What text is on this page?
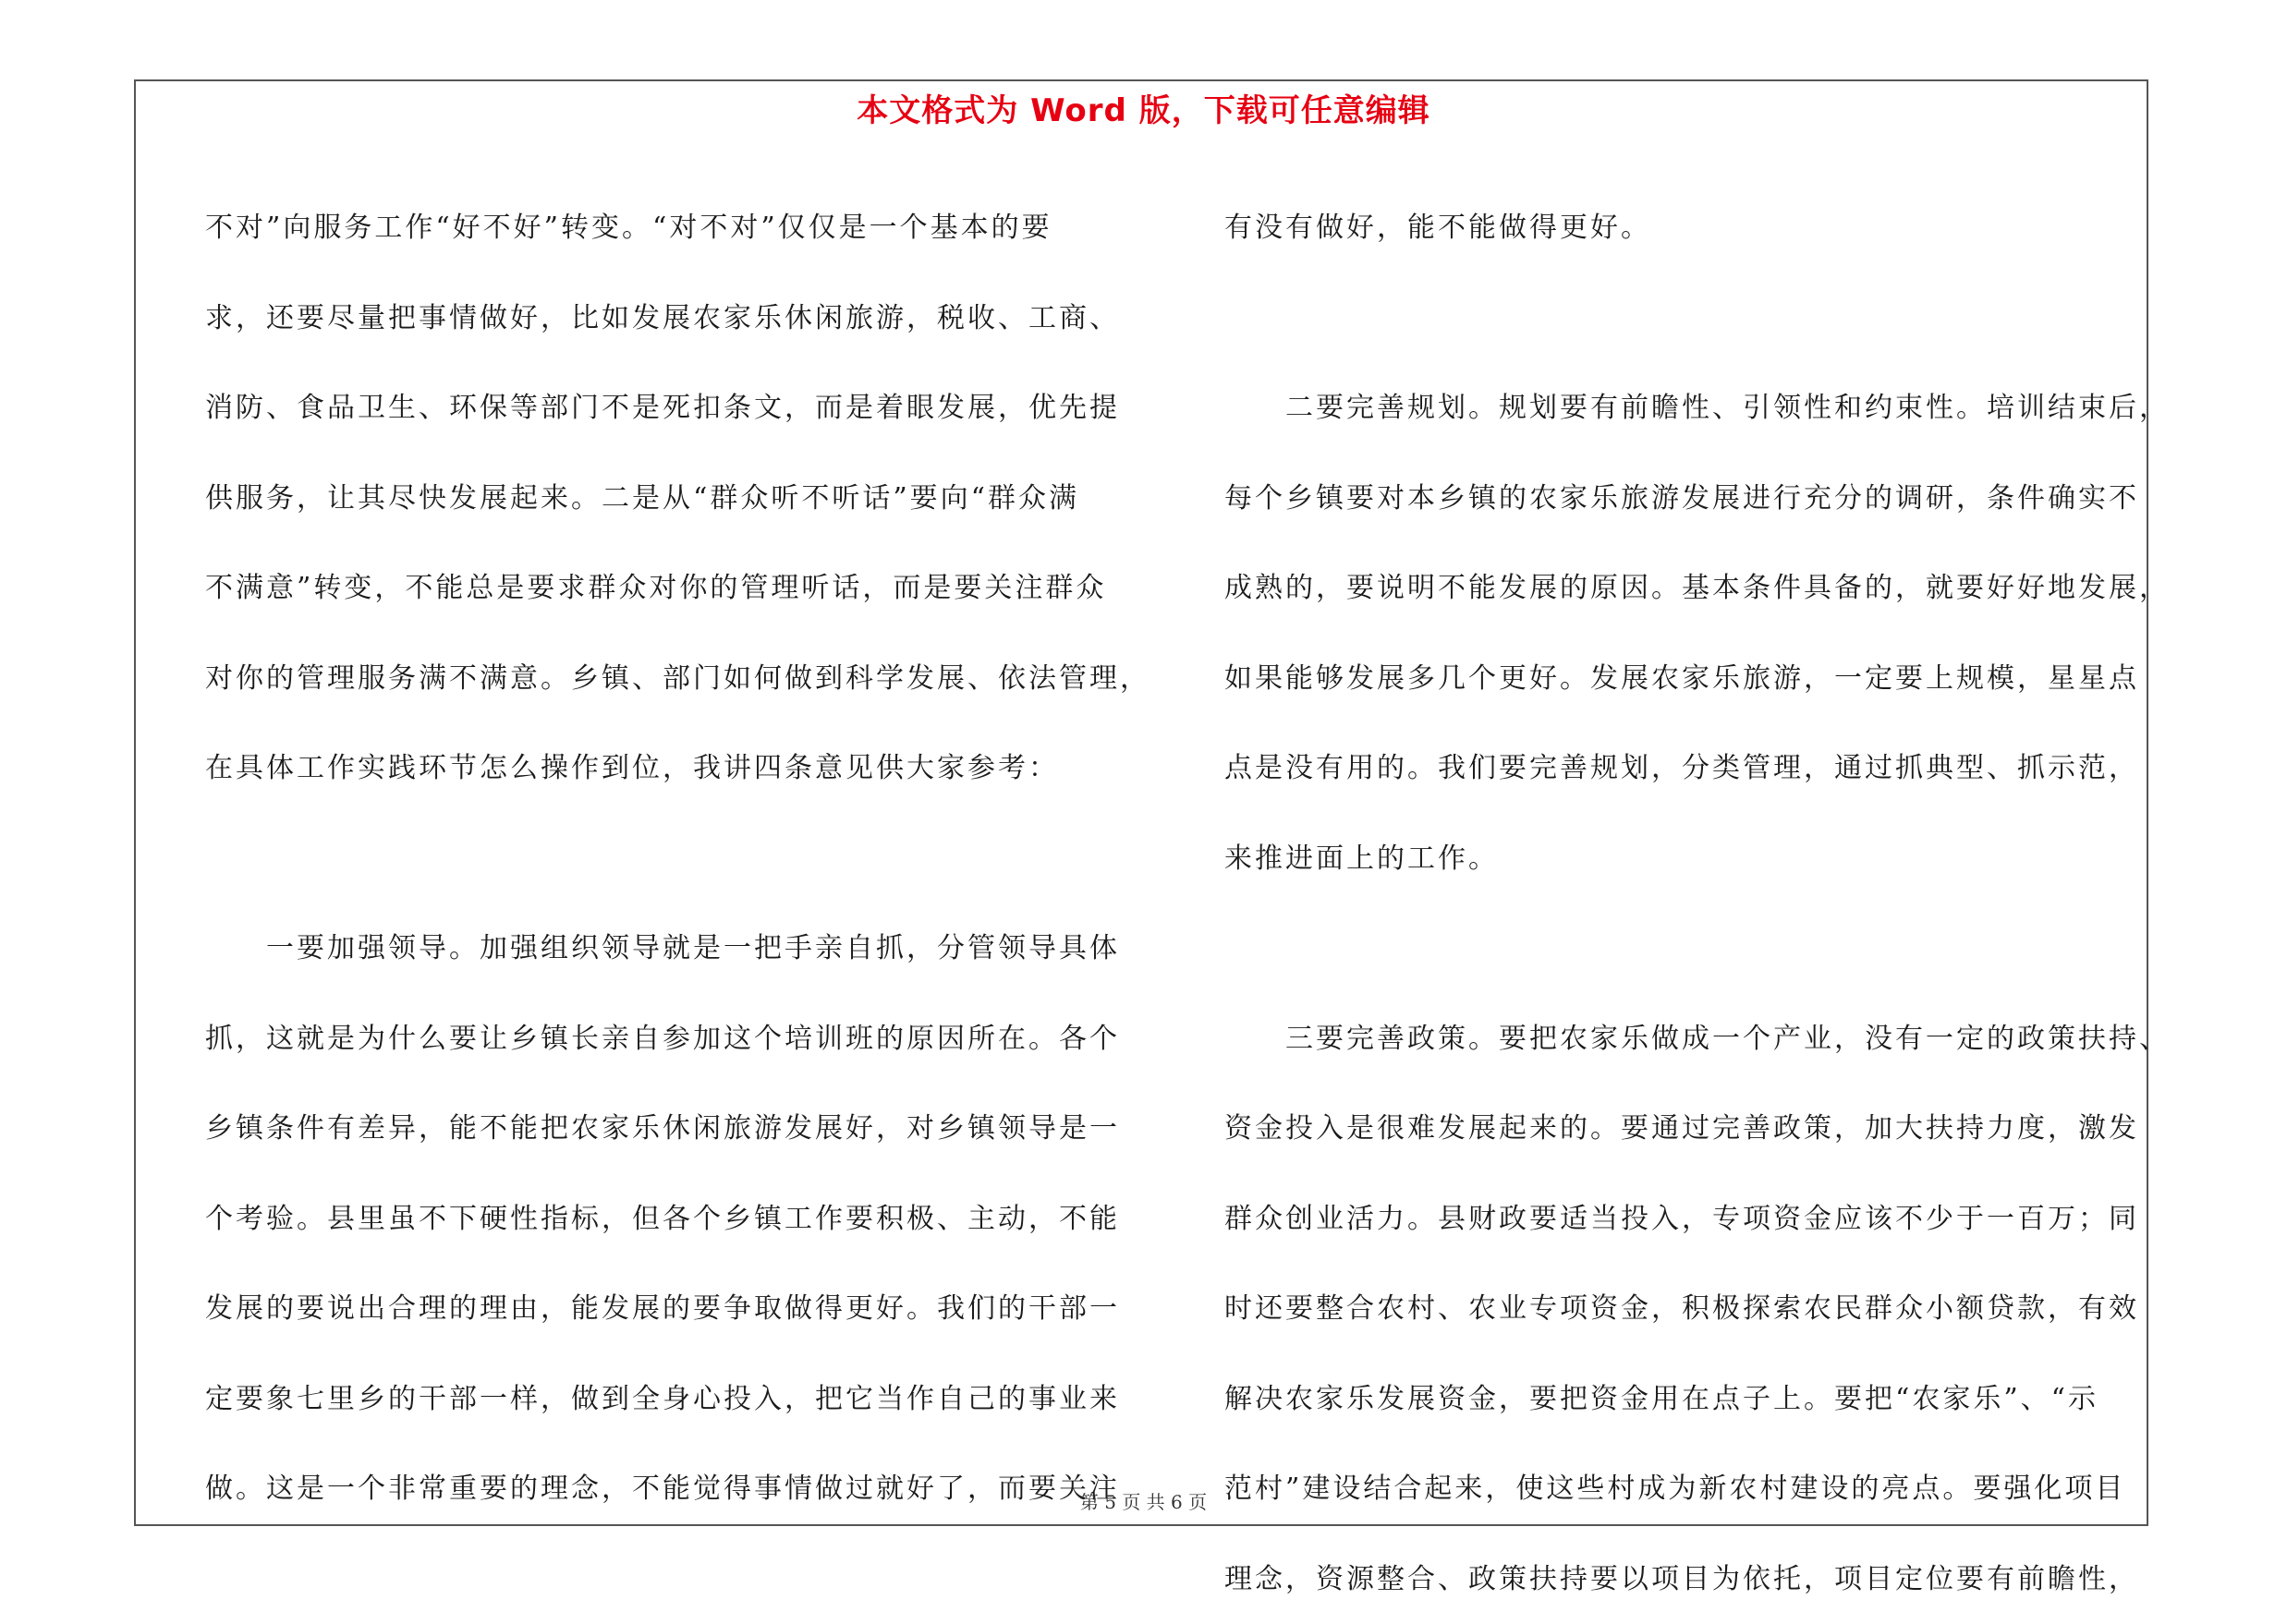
本文格式为 Word 版，下载可任意编辑
不对”向服务工作“好不好”转变。“对不对”仅仅是一个基本的要
求，还要尽量把事情做好，比如发展农家乐休闲旅游，税收、工商、
消防、食品卫生、环保等部门不是死扣条文，而是着眼发展，优先提
供服务，让其尽快发展起来。二是从“群众听不听话”要向“群众满
不满意”转变，不能总是要求群众对你的管理听话，而是要关注群众
对你的管理服务满不满意。乡镇、部门如何做到科学发展、依法管理，
在具体工作实践环节怎么操作到位，我讲四条意见供大家参考：
　　一要加强领导。加强组织领导就是一把手亲自抓，分管领导具体
抓，这就是为什么要让乡镇长亲自参加这个培训班的原因所在。各个
乡镇条件有差异，能不能把农家乐休闲旅游发展好，对乡镇领导是一
个考验。县里虽不下硬性指标，但各个乡镇工作要积极、主动，不能
发展的要说出合理的理由，能发展的要争取做得更好。我们的干部一
定要象七里乡的干部一样，做到全身心投入，把它当作自己的事业来
做。这是一个非常重要的理念，不能觉得事情做过就好了，而要关注
有没有做好，能不能做得更好。
　　二要完善规划。规划要有前瞻性、引领性和约束性。培训结束后，
每个乡镇要对本乡镇的农家乐旅游发展进行充分的调研，条件确实不
成熟的，要说明不能发展的原因。基本条件具备的，就要好好地发展，
如果能够发展多几个更好。发展农家乐旅游，一定要上规模，星星点
点是没有用的。我们要完善规划，分类管理，通过抓典型、抓示范，
来推进面上的工作。
　　三要完善政策。要把农家乐做成一个产业，没有一定的政策扶持、
资金投入是很难发展起来的。要通过完善政策，加大扶持力度，激发
群众创业活力。县财政要适当投入，专项资金应该不少于一百万；同
时还要整合农村、农业专项资金，积极探索农民群众小额贷款，有效
解决农家乐发展资金，要把资金用在点子上。要把“农家乐”、“示
范村”建设结合起来，使这些村成为新农村建设的亮点。要强化项目
理念，资源整合、政策扶持要以项目为依托，项目定位要有前瞻性，
第 5 页 共 6 页
